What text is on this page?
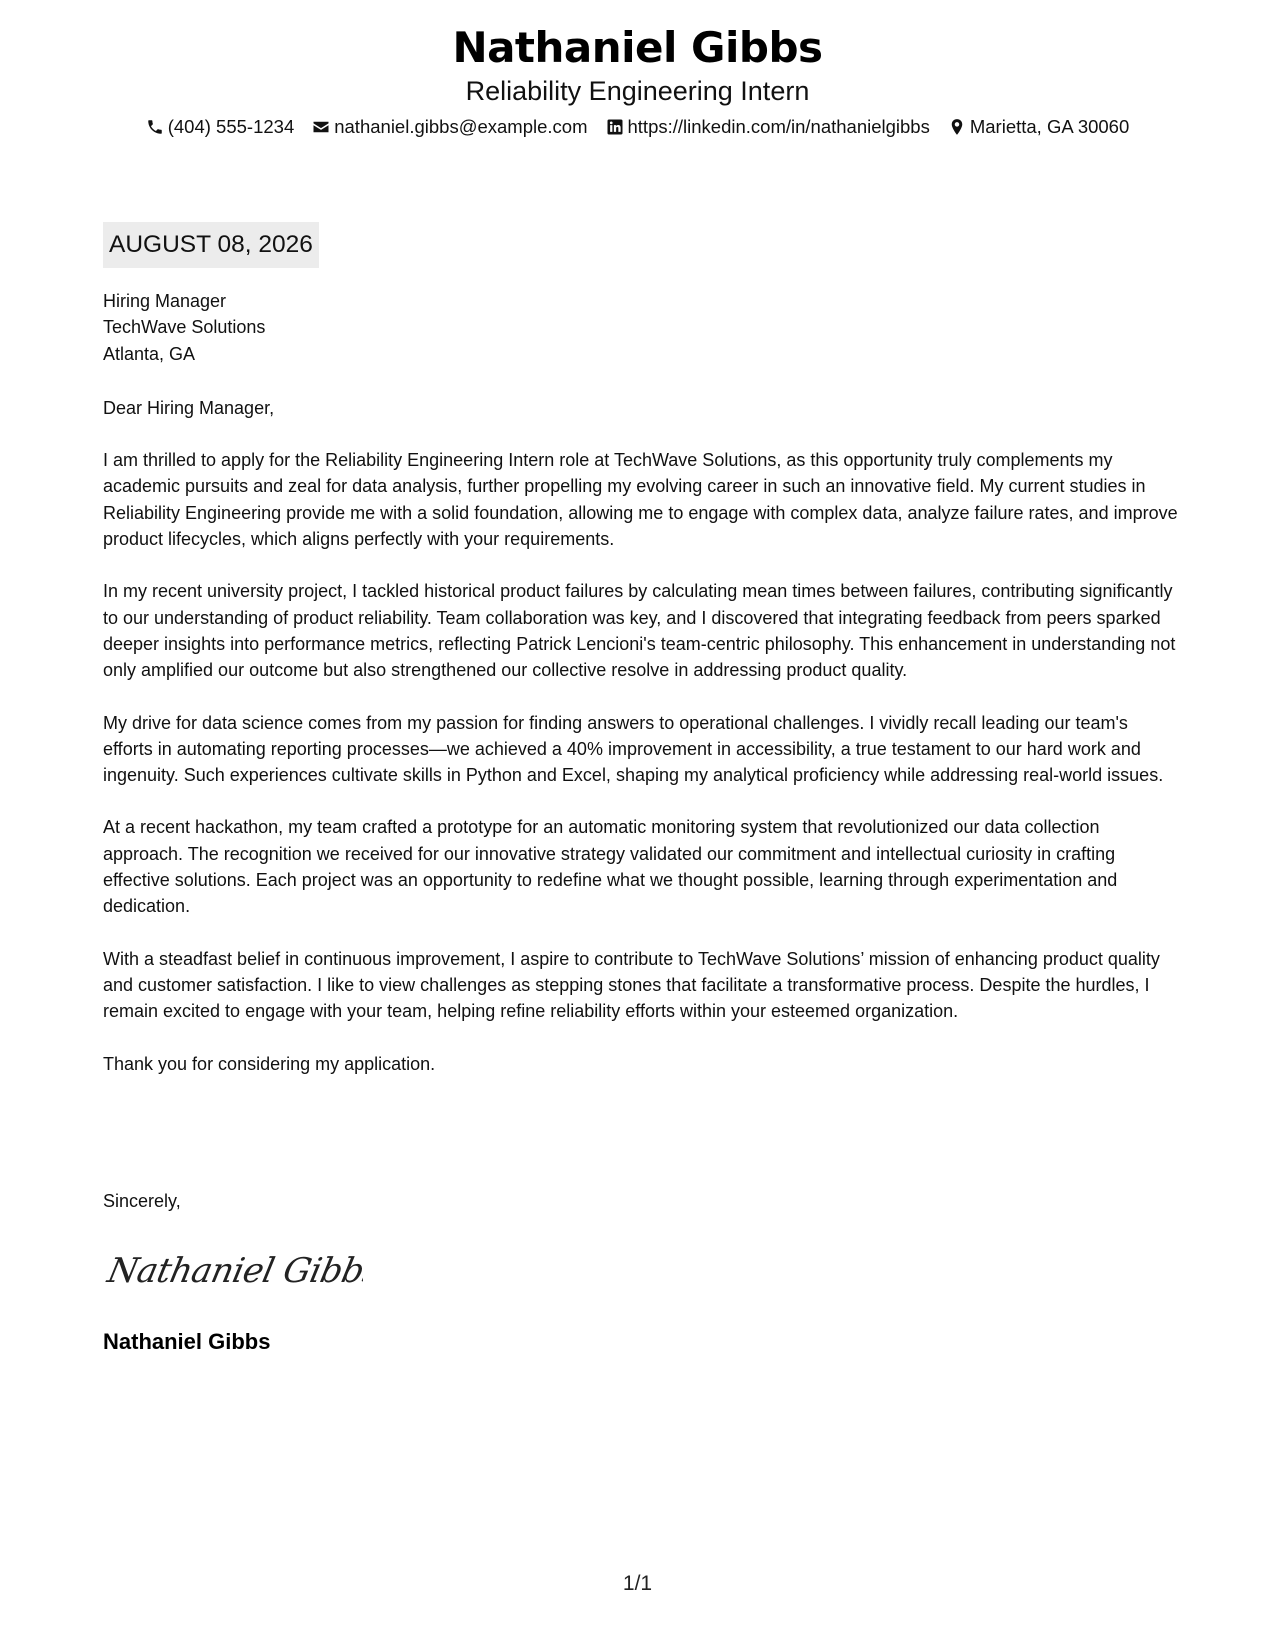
Nathaniel Gibbs
Reliability Engineering Intern
(404) 555-1234 nathaniel.gibbs@example.com https://linkedin.com/in/nathanielgibbs Marietta, GA 30060
AUGUST 08, 2026
Hiring Manager
TechWave Solutions
Atlanta, GA
Dear Hiring Manager,

I am thrilled to apply for the Reliability Engineering Intern role at TechWave Solutions, as this opportunity truly complements my academic pursuits and zeal for data analysis, further propelling my evolving career in such an innovative field. My current studies in Reliability Engineering provide me with a solid foundation, allowing me to engage with complex data, analyze failure rates, and improve product lifecycles, which aligns perfectly with your requirements.

In my recent university project, I tackled historical product failures by calculating mean times between failures, contributing significantly to our understanding of product reliability. Team collaboration was key, and I discovered that integrating feedback from peers sparked deeper insights into performance metrics, reflecting Patrick Lencioni's team-centric philosophy. This enhancement in understanding not only amplified our outcome but also strengthened our collective resolve in addressing product quality.

My drive for data science comes from my passion for finding answers to operational challenges. I vividly recall leading our team's efforts in automating reporting processes—we achieved a 40% improvement in accessibility, a true testament to our hard work and ingenuity. Such experiences cultivate skills in Python and Excel, shaping my analytical proficiency while addressing real-world issues.

At a recent hackathon, my team crafted a prototype for an automatic monitoring system that revolutionized our data collection approach. The recognition we received for our innovative strategy validated our commitment and intellectual curiosity in crafting effective solutions. Each project was an opportunity to redefine what we thought possible, learning through experimentation and dedication.

With a steadfast belief in continuous improvement, I aspire to contribute to TechWave Solutions’ mission of enhancing product quality and customer satisfaction. I like to view challenges as stepping stones that facilitate a transformative process. Despite the hurdles, I remain excited to engage with your team, helping refine reliability efforts within your esteemed organization.

Thank you for considering my application.
Sincerely,
Nathaniel Gibbs
Nathaniel Gibbs
1/1
